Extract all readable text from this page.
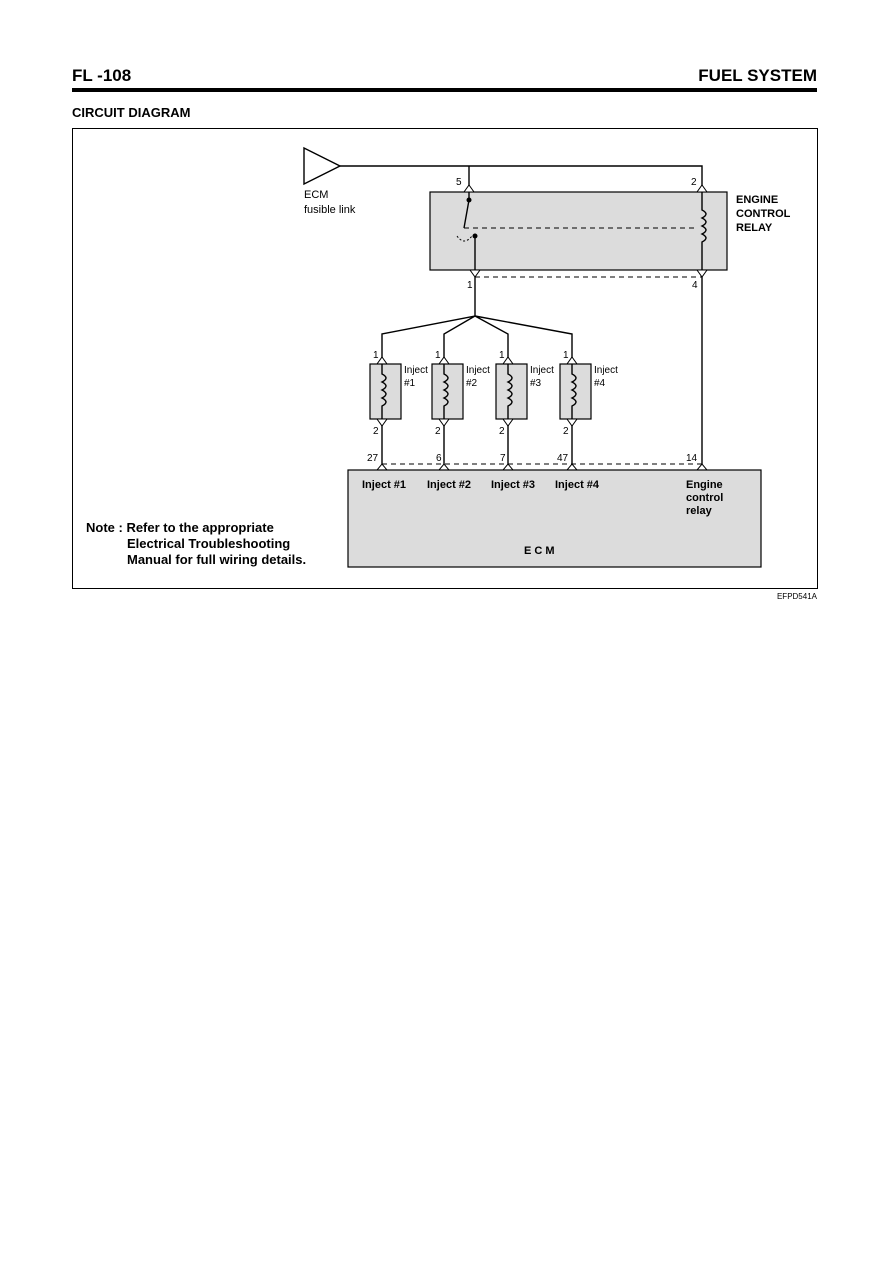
FL -108	FUEL SYSTEM
CIRCUIT DIAGRAM
ECM
fusible link
5	2
ENGINE
CONTROL
RELAY
1	4
1
Inject
#1
2
1
Inject
#2
2
1
Inject
#3
2
1
Inject
#4
2
27	6	7	47	14
Inject #1 Inject #2 Inject #3 Inject #4	Engine
control
relay
E C M
Note : Refer to the appropriate
Electrical Troubleshooting
Manual for full wiring details.
EFPD541A
